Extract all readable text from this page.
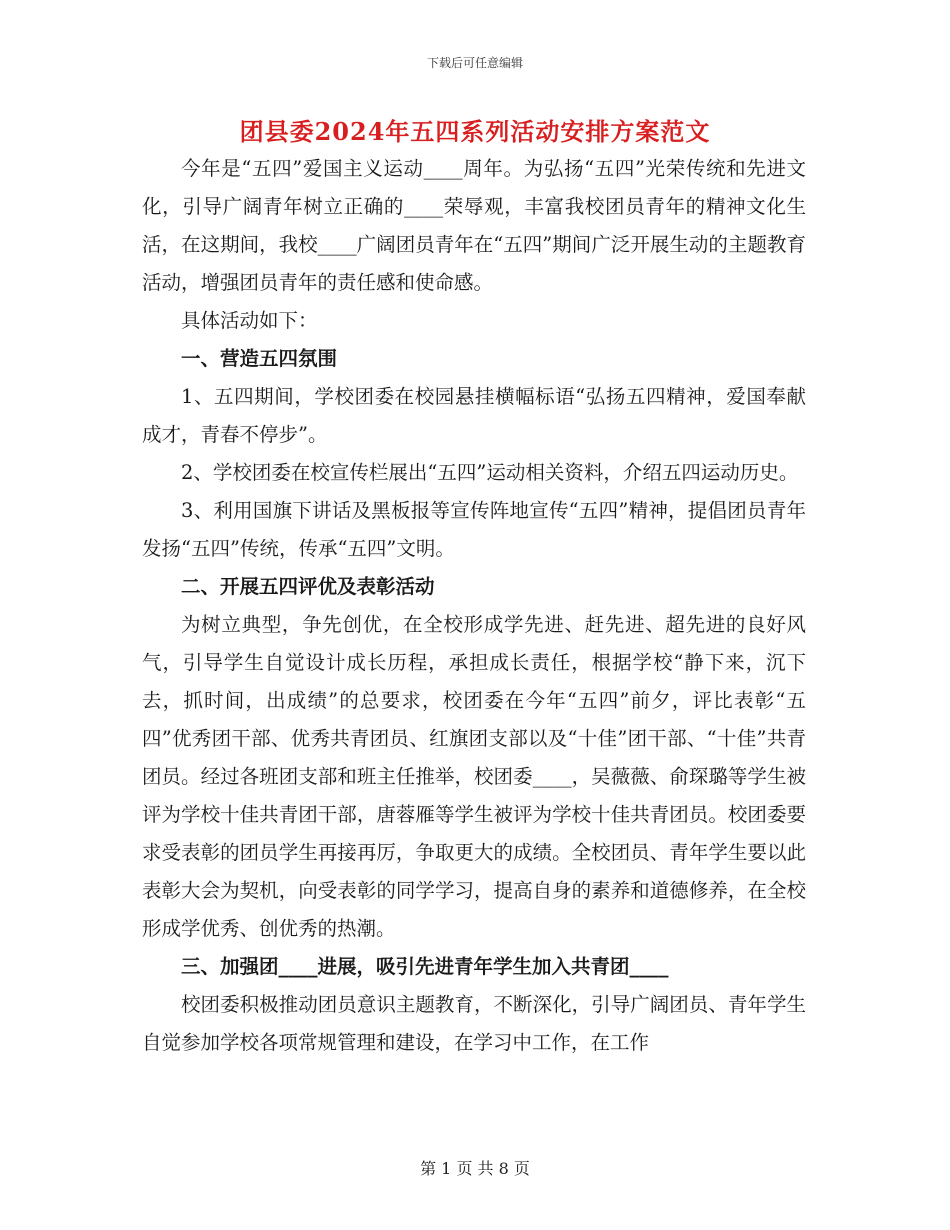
下载后可任意编辑
团县委2024年五四系列活动安排方案范文

今年是“五四”爱国主义运动____周年。为弘扬“五四”光荣传统和先进文化，引导广阔青年树立正确的____荣辱观，丰富我校团员青年的精神文化生活，在这期间，我校____广阔团员青年在“五四”期间广泛开展生动的主题教育活动，增强团员青年的责任感和使命感。

具体活动如下：

一、营造五四氛围

1、五四期间，学校团委在校园悬挂横幅标语“弘扬五四精神，爱国奉献成才，青春不停步”。

2、学校团委在校宣传栏展出“五四”运动相关资料，介绍五四运动历史。

3、利用国旗下讲话及黑板报等宣传阵地宣传“五四”精神，提倡团员青年发扬“五四”传统，传承“五四”文明。

二、开展五四评优及表彰活动

为树立典型，争先创优，在全校形成学先进、赶先进、超先进的良好风气，引导学生自觉设计成长历程，承担成长责任，根据学校“静下来，沉下去，抓时间，出成绩”的总要求，校团委在今年“五四”前夕，评比表彰“五四”优秀团干部、优秀共青团员、红旗团支部以及“十佳”团干部、“十佳”共青团员。经过各班团支部和班主任推举，校团委____，吴薇薇、俞琛璐等学生被评为学校十佳共青团干部，唐蓉雁等学生被评为学校十佳共青团员。校团委要求受表彰的团员学生再接再厉，争取更大的成绩。全校团员、青年学生要以此表彰大会为契机，向受表彰的同学学习，提高自身的素养和道德修养，在全校形成学优秀、创优秀的热潮。

三、加强团____进展，吸引先进青年学生加入共青团____

校团委积极推动团员意识主题教育，不断深化，引导广阔团员、青年学生自觉参加学校各项常规管理和建设，在学习中工作，在工作

第 1 页 共 8 页
